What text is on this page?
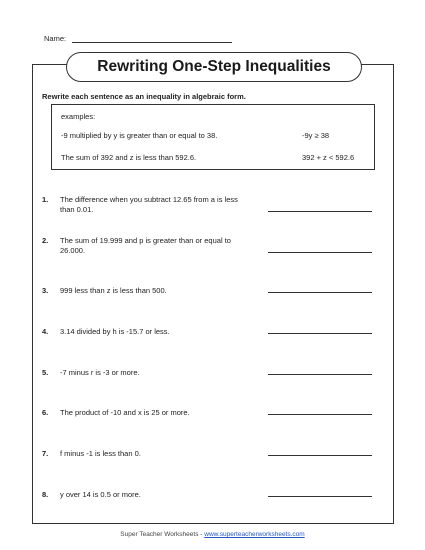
Name:
Rewriting One-Step Inequalities
Rewrite each sentence as an inequality in algebraic form.
examples:
-9 multiplied by y is greater than or equal to 38.	-9y ≥ 38
The sum of 392 and z is less than 592.6.	392 + z < 592.6
1. The difference when you subtract 12.65 from a is less than 0.01.
2. The sum of 19.999 and p is greater than or equal to 26.000.
3. 999 less than z is less than 500.
4. 3.14 divided by h is -15.7 or less.
5. -7 minus r is -3 or more.
6. The product of -10 and x is 25 or more.
7. f minus -1 is less than 0.
8. y over 14 is 0.5 or more.
Super Teacher Worksheets - www.superteacherworksheets.com
